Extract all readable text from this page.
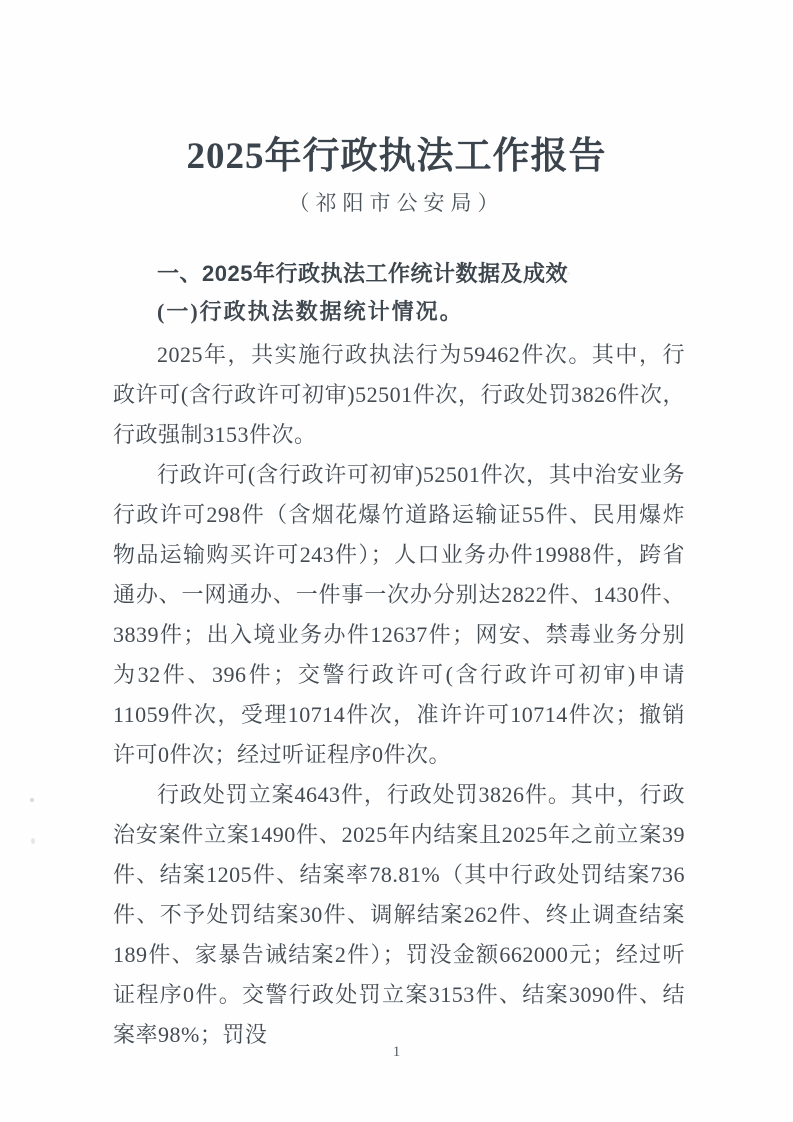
2025年行政执法工作报告
（祁阳市公安局）
一、2025年行政执法工作统计数据及成效
(一)行政执法数据统计情况。

2025年，共实施行政执法行为59462件次。其中，行政许可(含行政许可初审)52501件次，行政处罚3826件次，行政强制3153件次。

行政许可(含行政许可初审)52501件次，其中治安业务行政许可298件（含烟花爆竹道路运输证55件、民用爆炸物品运输购买许可243件）；人口业务办件19988件，跨省通办、一网通办、一件事一次办分别达2822件、1430件、3839件；出入境业务办件12637件；网安、禁毒业务分别为32件、396件；交警行政许可(含行政许可初审)申请11059件次，受理10714件次，准许许可10714件次；撤销许可0件次；经过听证程序0件次。

行政处罚立案4643件，行政处罚3826件。其中，行政治安案件立案1490件、2025年内结案且2025年之前立案39件、结案1205件、结案率78.81%（其中行政处罚结案736件、不予处罚结案30件、调解结案262件、终止调查结案189件、家暴告诫结案2件）；罚没金额662000元；经过听证程序0件。交警行政处罚立案3153件、结案3090件、结案率98%；罚没

1
